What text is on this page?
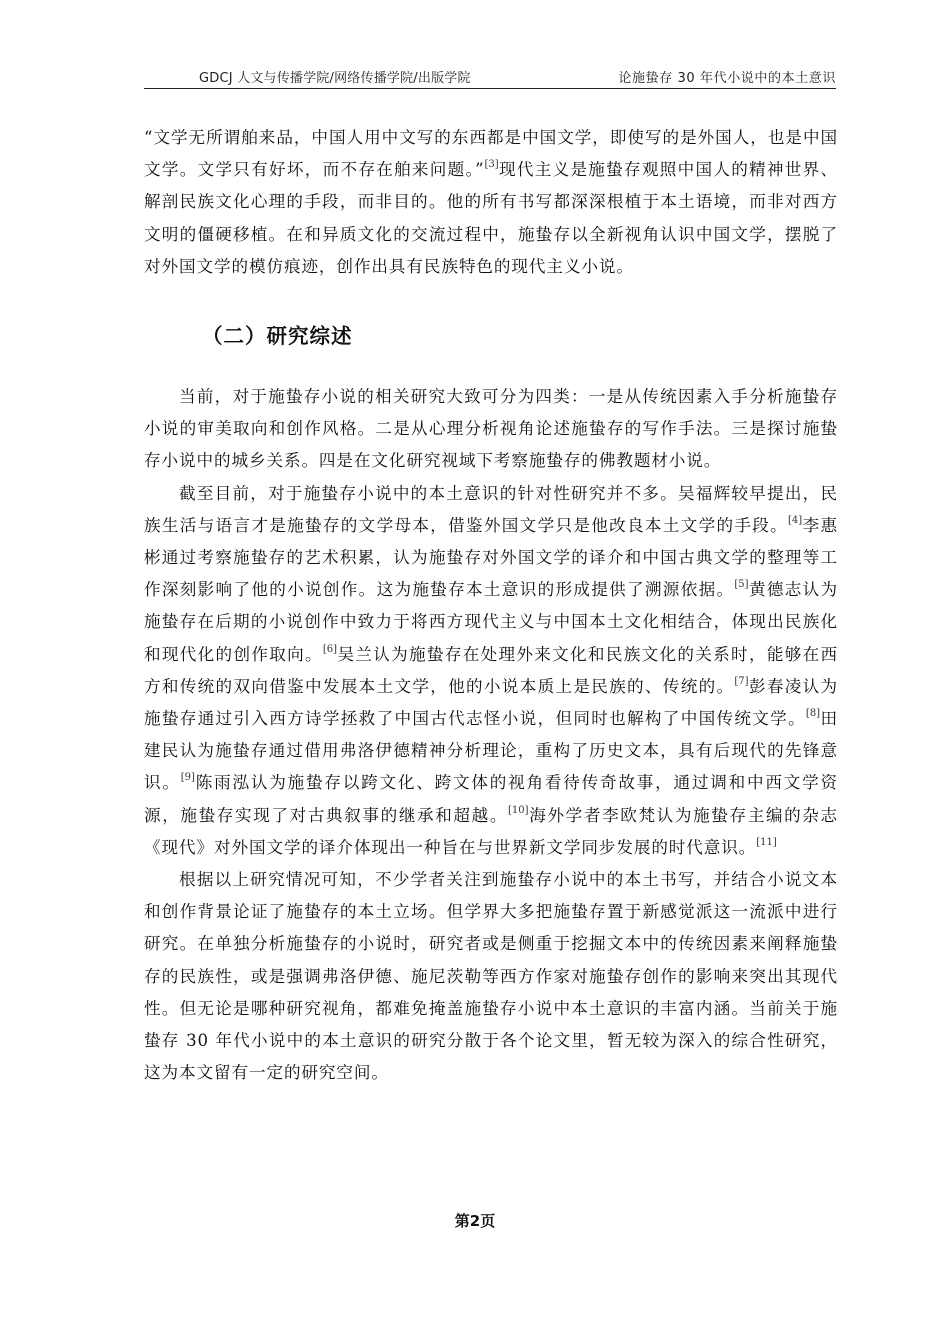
GDCJ 人文与传播学院/网络传播学院/出版学院	论施蛰存 30 年代小说中的本土意识

“文学无所谓舶来品，中国人用中文写的东西都是中国文学，即使写的是外国人，也是中国文学。文学只有好坏，而不存在舶来问题。”[3]现代主义是施蛰存观照中国人的精神世界、解剖民族文化心理的手段，而非目的。他的所有书写都深深根植于本土语境，而非对西方文明的僵硬移植。在和异质文化的交流过程中，施蛰存以全新视角认识中国文学，摆脱了对外国文学的模仿痕迹，创作出具有民族特色的现代主义小说。

（二）研究综述

当前，对于施蛰存小说的相关研究大致可分为四类：一是从传统因素入手分析施蛰存小说的审美取向和创作风格。二是从心理分析视角论述施蛰存的写作手法。三是探讨施蛰存小说中的城乡关系。四是在文化研究视域下考察施蛰存的佛教题材小说。

截至目前，对于施蛰存小说中的本土意识的针对性研究并不多。吴福辉较早提出，民族生活与语言才是施蛰存的文学母本，借鉴外国文学只是他改良本土文学的手段。[4]李惠彬通过考察施蛰存的艺术积累，认为施蛰存对外国文学的译介和中国古典文学的整理等工作深刻影响了他的小说创作。这为施蛰存本土意识的形成提供了溯源依据。[5]黄德志认为施蛰存在后期的小说创作中致力于将西方现代主义与中国本土文化相结合，体现出民族化和现代化的创作取向。[6]吴兰认为施蛰存在处理外来文化和民族文化的关系时，能够在西方和传统的双向借鉴中发展本土文学，他的小说本质上是民族的、传统的。[7]彭春凌认为施蛰存通过引入西方诗学拯救了中国古代志怪小说，但同时也解构了中国传统文学。[8]田建民认为施蛰存通过借用弗洛伊德精神分析理论，重构了历史文本，具有后现代的先锋意识。[9]陈雨泓认为施蛰存以跨文化、跨文体的视角看待传奇故事，通过调和中西文学资源，施蛰存实现了对古典叙事的继承和超越。[10]海外学者李欧梵认为施蛰存主编的杂志《现代》对外国文学的译介体现出一种旨在与世界新文学同步发展的时代意识。[11]

根据以上研究情况可知，不少学者关注到施蛰存小说中的本土书写，并结合小说文本和创作背景论证了施蛰存的本土立场。但学界大多把施蛰存置于新感觉派这一流派中进行研究。在单独分析施蛰存的小说时，研究者或是侧重于挖掘文本中的传统因素来阐释施蛰存的民族性，或是强调弗洛伊德、施尼茨勒等西方作家对施蛰存创作的影响来突出其现代性。但无论是哪种研究视角，都难免掩盖施蛰存小说中本土意识的丰富内涵。当前关于施蛰存 30 年代小说中的本土意识的研究分散于各个论文里，暂无较为深入的综合性研究，这为本文留有一定的研究空间。

第2页
